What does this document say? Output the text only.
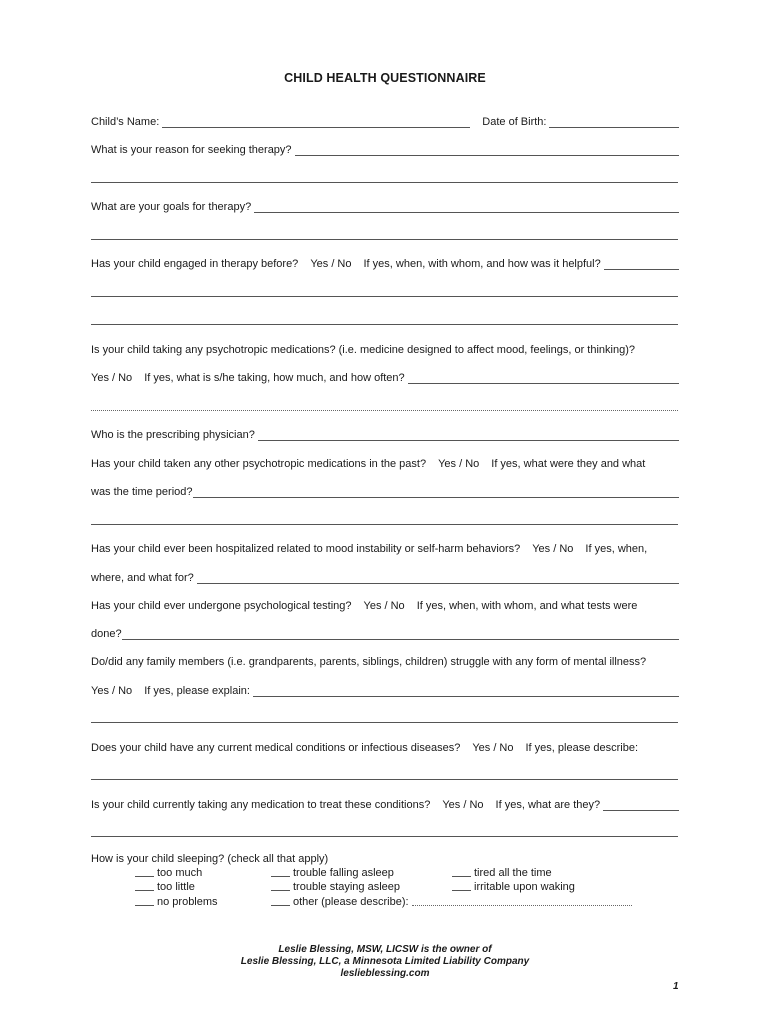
CHILD HEALTH QUESTIONNAIRE
Child’s Name:	Date of Birth:
What is your reason for seeking therapy?
What are your goals for therapy?
Has your child engaged in therapy before? Yes / No If yes, when, with whom, and how was it helpful?
Is your child taking any psychotropic medications? (i.e. medicine designed to affect mood, feelings, or thinking)?
Yes / No If yes, what is s/he taking, how much, and how often?
Who is the prescribing physician?
Has your child taken any other psychotropic medications in the past? Yes / No If yes, what were they and what
was the time period?
Has your child ever been hospitalized related to mood instability or self-harm behaviors? Yes / No If yes, when,
where, and what for?
Has your child ever undergone psychological testing? Yes / No If yes, when, with whom, and what tests were
done?
Do/did any family members (i.e. grandparents, parents, siblings, children) struggle with any form of mental illness?
Yes / No If yes, please explain:
Does your child have any current medical conditions or infectious diseases? Yes / No If yes, please describe:
Is your child currently taking any medication to treat these conditions? Yes / No If yes, what are they?
How is your child sleeping? (check all that apply)
too much	trouble falling asleep	tired all the time
too little	trouble staying asleep	irritable upon waking
no problems	other (please describe):
Leslie Blessing, MSW, LICSW is the owner of
Leslie Blessing, LLC, a Minnesota Limited Liability Company
leslieblessing.com
1
